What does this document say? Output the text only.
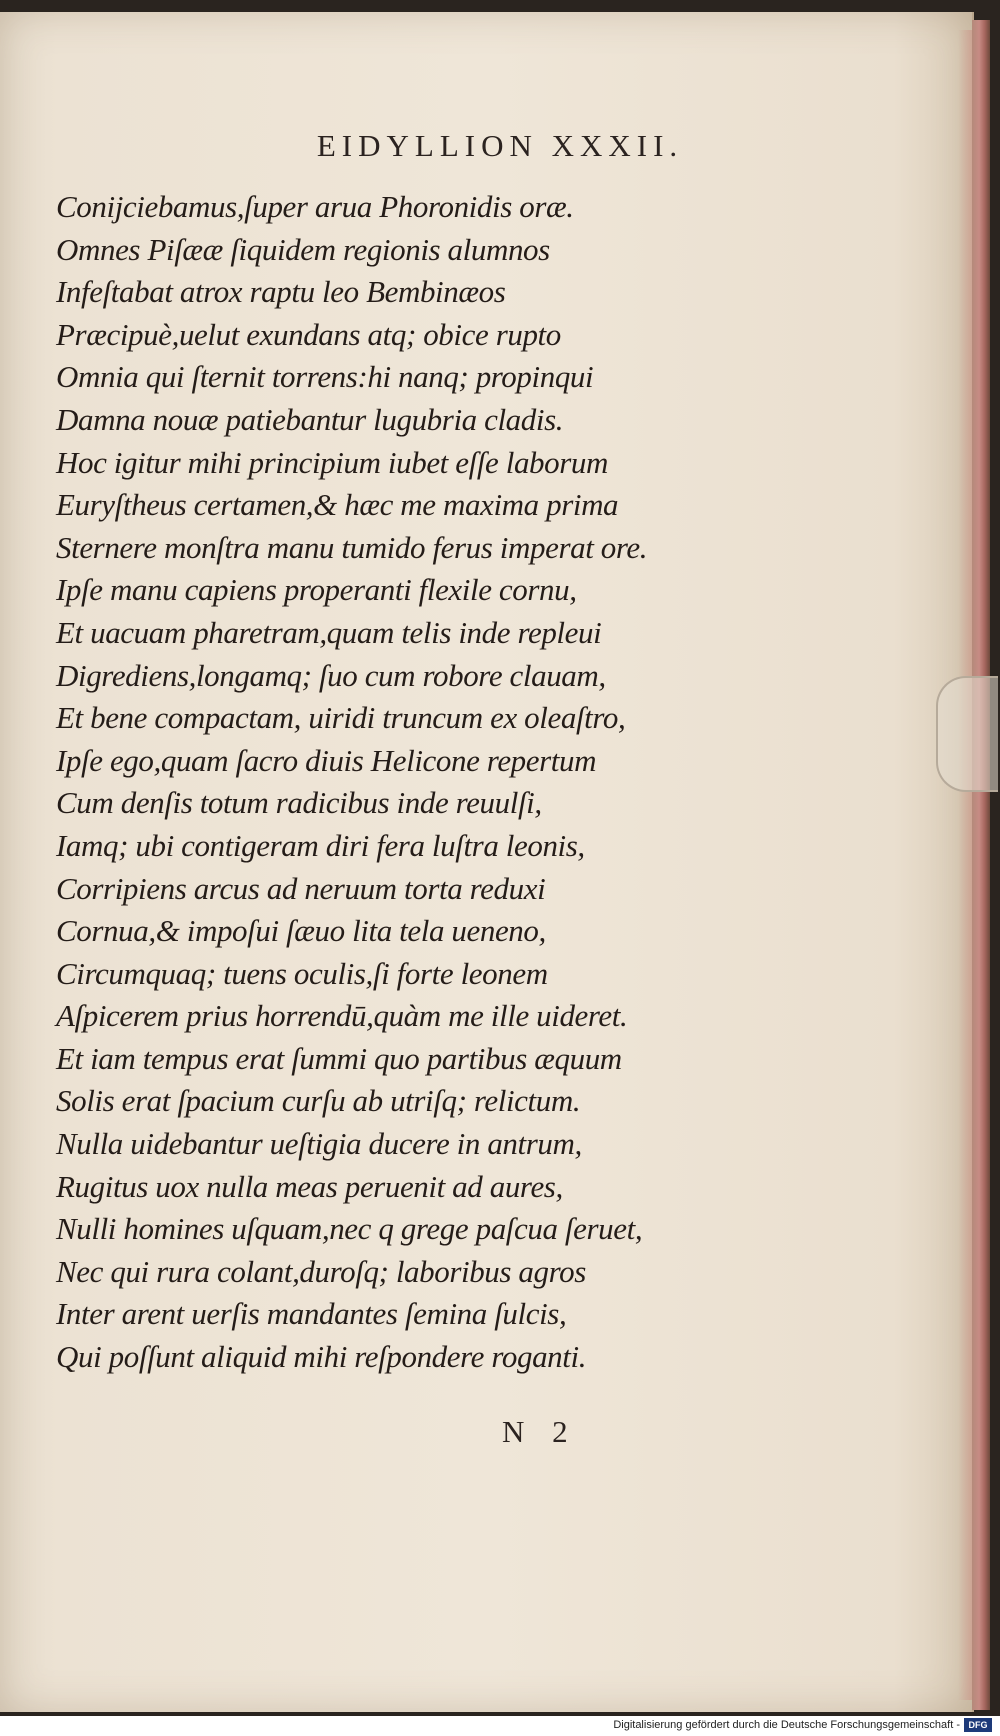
EIDYLLION XXXII.
Conijciebamus,ſuper arua Phoronidis oræ.
Omnes Piſææ ſiquidem regionis alumnos
Infeſtabat atrox raptu leo Bembinæos
Præcipuè,uelut exundans atq; obice rupto
Omnia qui ſternit torrens:hi nanq; propinqui
Damna nouæ patiebantur lugubria cladis.
Hoc igitur mihi principium iubet eſſe laborum
Euryſtheus certamen,& hæc me maxima prima
Sternere monſtra manu tumido ferus imperat ore.
Ipſe manu capiens properanti flexile cornu,
Et uacuam pharetram,quam telis inde repleui
Digrediens,longamq; ſuo cum robore clauam,
Et bene compactam, uiridi truncum ex oleaſtro,
Ipſe ego,quam ſacro diuis Helicone repertum
Cum denſis totum radicibus inde reuulſi,
Iamq; ubi contigeram diri fera luſtra leonis,
Corripiens arcus ad neruum torta reduxi
Cornua,& impoſui ſæuo lita tela ueneno,
Circumquaq; tuens oculis,ſi forte leonem
Aſpicerem prius horrendū,quàm me ille uideret.
Et iam tempus erat ſummi quo partibus æquum
Solis erat ſpacium curſu ab utriſq; relictum.
Nulla uidebantur ueſtigia ducere in antrum,
Rugitus uox nulla meas peruenit ad aures,
Nulli homines uſquam,nec q grege paſcua ſeruet,
Nec qui rura colant,duroſq; laboribus agros
Inter arent uerſis mandantes ſemina ſulcis,
Qui poſſunt aliquid mihi reſpondere roganti.
N 2
Digitalisierung gefördert durch die Deutsche Forschungsgemeinschaft - DFG
